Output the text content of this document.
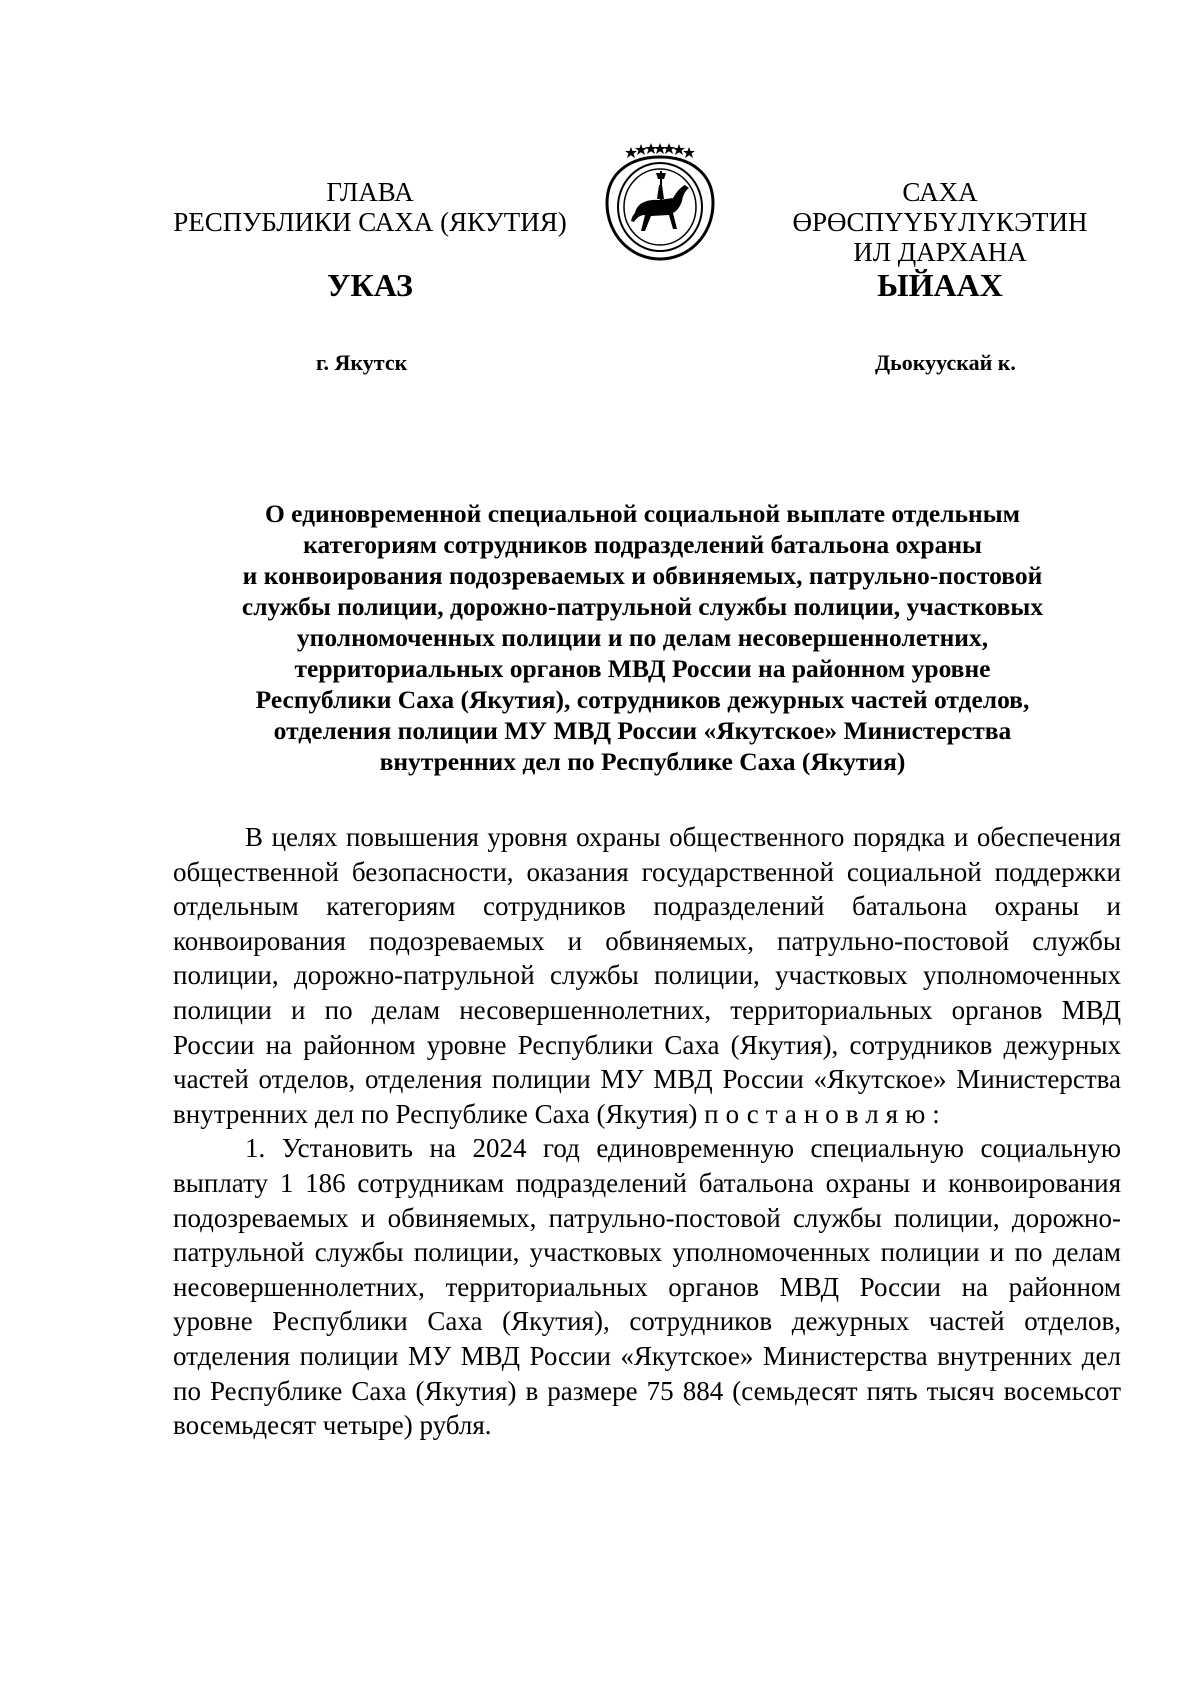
ГЛАВА
РЕСПУБЛИКИ САХА (ЯКУТИЯ)
САХА ӨРӨСПҮҮБҮЛҮКЭТИН
ИЛ ДАРХАНА
УКАЗ	ЫЙААХ
г. Якутск	Дьокуускай к.
О единовременной специальной социальной выплате отдельным
категориям сотрудников подразделений батальона охраны
и конвоирования подозреваемых и обвиняемых, патрульно-постовой
службы полиции, дорожно-патрульной службы полиции, участковых
уполномоченных полиции и по делам несовершеннолетних,
территориальных органов МВД России на районном уровне
Республики Саха (Якутия), сотрудников дежурных частей отделов,
отделения полиции МУ МВД России «Якутское» Министерства
внутренних дел по Республике Саха (Якутия)

В целях повышения уровня охраны общественного порядка и обеспечения общественной безопасности, оказания государственной социальной поддержки отдельным категориям сотрудников подразделений батальона охраны и конвоирования подозреваемых и обвиняемых, патрульно-постовой службы полиции, дорожно-патрульной службы полиции, участковых уполномоченных полиции и по делам несовершеннолетних, территориальных органов МВД России на районном уровне Республики Саха (Якутия), сотрудников дежурных частей отделов, отделения полиции МУ МВД России «Якутское» Министерства внутренних дел по Республике Саха (Якутия) постановляю:

1. Установить на 2024 год единовременную специальную социальную выплату 1 186 сотрудникам подразделений батальона охраны и конвоирования подозреваемых и обвиняемых, патрульно-постовой службы полиции, дорожно-патрульной службы полиции, участковых уполномоченных полиции и по делам несовершеннолетних, территориальных органов МВД России на районном уровне Республики Саха (Якутия), сотрудников дежурных частей отделов, отделения полиции МУ МВД России «Якутское» Министерства внутренних дел по Республике Саха (Якутия) в размере 75 884 (семьдесят пять тысяч восемьсот восемьдесят четыре) рубля.
